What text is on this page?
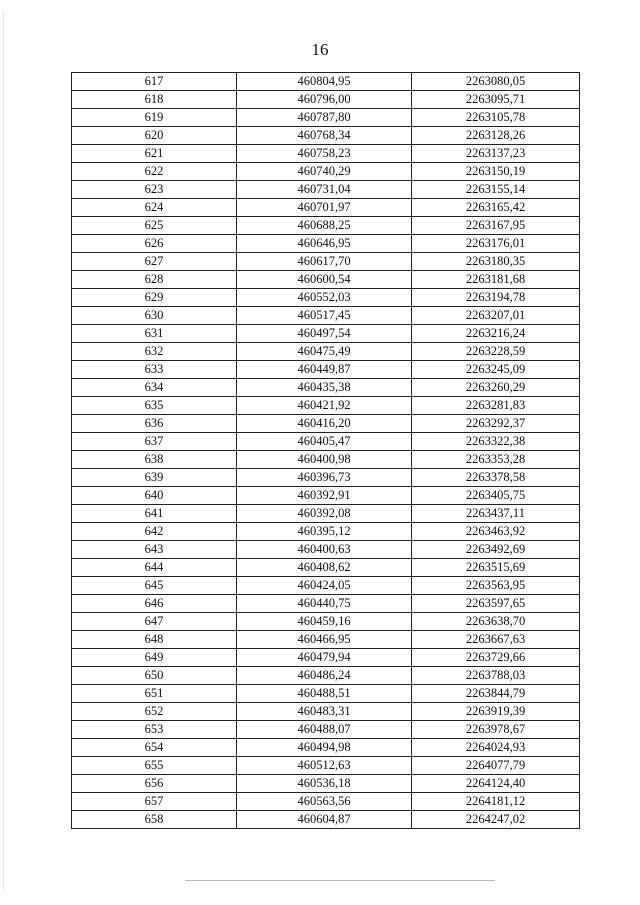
16
617	460804,95	2263080,05
618	460796,00	2263095,71
619	460787,80	2263105,78
620	460768,34	2263128,26
621	460758,23	2263137,23
622	460740,29	2263150,19
623	460731,04	2263155,14
624	460701,97	2263165,42
625	460688,25	2263167,95
626	460646,95	2263176,01
627	460617,70	2263180,35
628	460600,54	2263181,68
629	460552,03	2263194,78
630	460517,45	2263207,01
631	460497,54	2263216,24
632	460475,49	2263228,59
633	460449,87	2263245,09
634	460435,38	2263260,29
635	460421,92	2263281,83
636	460416,20	2263292,37
637	460405,47	2263322,38
638	460400,98	2263353,28
639	460396,73	2263378,58
640	460392,91	2263405,75
641	460392,08	2263437,11
642	460395,12	2263463,92
643	460400,63	2263492,69
644	460408,62	2263515,69
645	460424,05	2263563,95
646	460440,75	2263597,65
647	460459,16	2263638,70
648	460466,95	2263667,63
649	460479,94	2263729,66
650	460486,24	2263788,03
651	460488,51	2263844,79
652	460483,31	2263919,39
653	460488,07	2263978,67
654	460494,98	2264024,93
655	460512,63	2264077,79
656	460536,18	2264124,40
657	460563,56	2264181,12
658	460604,87	2264247,02
